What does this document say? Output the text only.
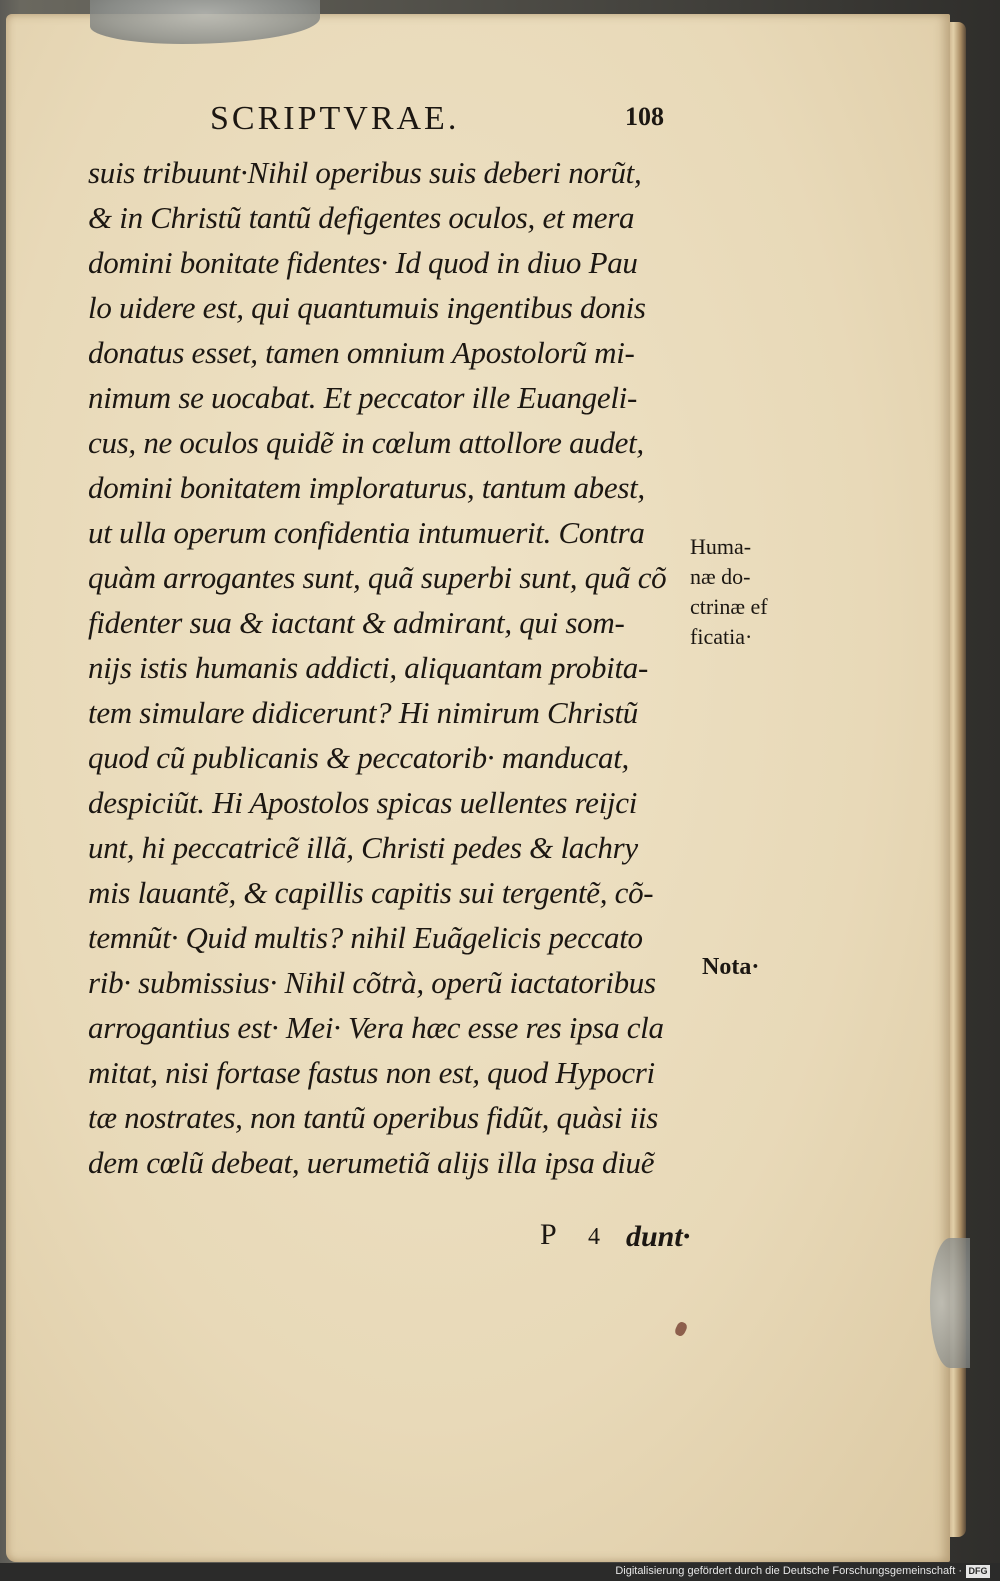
SCRIPTVRAE.	108
suis tribuunt·Nihil operibus suis deberi norũt,
& in Christũ tantũ defigentes oculos, et mera
domini bonitate fidentes· Id quod in diuo Pau
lo uidere est, qui quantumuis ingentibus donis
donatus esset, tamen omnium Apostolorũ mi-
nimum se uocabat. Et peccator ille Euangeli-
cus, ne oculos quidẽ in cœlum attollore audet,
domini bonitatem imploraturus, tantum abest,
ut ulla operum confidentia intumuerit. Contra
quàm arrogantes sunt, quã superbi sunt, quã cõ
fidenter sua & iactant & admirant, qui som-
nijs istis humanis addicti, aliquantam probita-
tem simulare didicerunt? Hi nimirum Christũ
quod cũ publicanis & peccatorib· manducat,
despiciũt. Hi Apostolos spicas uellentes reijci
unt, hi peccatricẽ illã, Christi pedes & lachry
mis lauantẽ, & capillis capitis sui tergentẽ, cõ-
temnũt· Quid multis? nihil Euãgelicis peccato
rib· submissius· Nihil cõtrà, operũ iactatoribus
arrogantius est· Mei· Vera hæc esse res ipsa cla
mitat, nisi fortase fastus non est, quod Hypocri
tæ nostrates, non tantũ operibus fidũt, quàsi iis
dem cœlũ debeat, uerumetiã alijs illa ipsa diuẽ
P 4 dunt·
Huma-
næ do-
ctrinæ ef
ficatia·
Nota·
Digitalisierung gefördert durch die Deutsche Forschungsgemeinschaft · DFG
